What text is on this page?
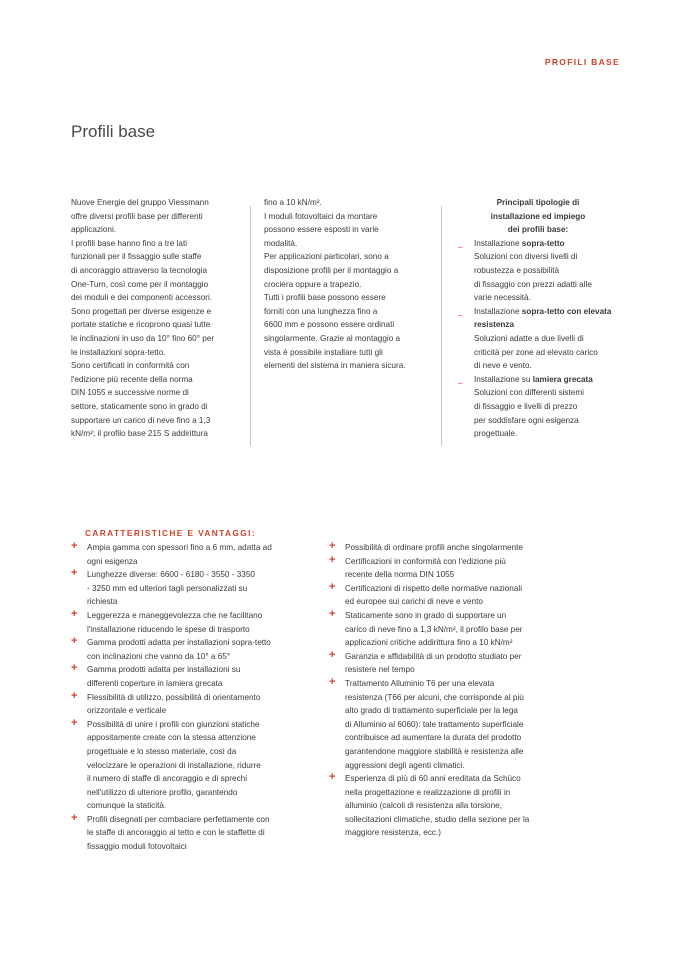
PROFILI BASE
Profili base

Nuove Energie del gruppo Viessmann
offre diversi profili base per differenti
applicazioni.
I profili base hanno fino a tre lati
funzionali per il fissaggio sulle staffe
di ancoraggio attraverso la tecnologia
One-Turn, così come per il montaggio
dei moduli e dei componenti accessori.
Sono progettati per diverse esigenze e
portate statiche e ricoprono quasi tutte
le inclinazioni in uso da 10° fino 60° per
le installazioni sopra-tetto.
Sono certificati in conformità con
l'edizione più recente della norma
DIN 1055 e successive norme di
settore, staticamente sono in grado di
supportare un carico di neve fino a 1,3
kN/m²; il profilo base 215 S addirittura

fino a 10 kN/m².
I moduli fotovoltaici da montare
possono essere esposti in varie
modalità.
Per applicazioni particolari, sono a
disposizione profili per il montaggio a
crociera oppure a trapezio.
Tutti i profili base possono essere
forniti con una lunghezza fino a
6600 mm e possono essere ordinati
singolarmente. Grazie al montaggio a
vista è possibile installare tutti gli
elementi del sistema in maniera sicura.

Principali tipologie di
installazione ed impiego
dei profili base:

_ Installazione sopra-tetto
Soluzioni con diversi livelli di
robustezza e possibilità
di fissaggio con prezzi adatti alle
varie necessità.
_ Installazione sopra-tetto con elevata resistenza
Soluzioni adatte a due livelli di
criticità per zone ad elevato carico
di neve e vento.
_ Installazione su lamiera grecata
Soluzioni con differenti sistemi
di fissaggio e livelli di prezzo
per soddisfare ogni esigenza
progettuale.
CARATTERISTICHE E VANTAGGI:
+ Ampia gamma con spessori fino a 6 mm, adatta ad
ogni esigenza
+ Lunghezze diverse: 6600 - 6180 - 3550 - 3350
- 3250 mm ed ulteriori tagli personalizzati su
richiesta
+ Leggerezza e maneggevolezza che ne facilitano
l'installazione riducendo le spese di trasporto
+ Gamma prodotti adatta per installazioni sopra-tetto
con inclinazioni che vanno da 10° a 65°
+ Gamma prodotti adatta per installazioni su
differenti coperture in lamiera grecata
+ Flessibilità di utilizzo, possibilità di orientamento
orizzontale e verticale
+ Possibilità di unire i profili con giunzioni statiche
appositamente create con la stessa attenzione
progettuale e lo stesso materiale, così da
velocizzare le operazioni di installazione, ridurre
il numero di staffe di ancoraggio e di sprechi
nell'utilizzo di ulteriore profilo, garantendo
comunque la staticità.
+ Profili disegnati per combaciare perfettamente con
le staffe di ancoraggio al tetto e con le staffette di
fissaggio moduli fotovoltaici
+ Possibilità di ordinare profili anche singolarmente
+ Certificazioni in conformità con l'edizione più
recente della norma DIN 1055
+ Certificazioni di rispetto delle normative nazionali
ed europee sui carichi di neve e vento
+ Staticamente sono in grado di supportare un
carico di neve fino a 1,3 kN/m², il profilo base per
applicazioni critiche addirittura fino a 10 kN/m²
+ Garanzia e affidabilità di un prodotto studiato per
resistere nel tempo
+ Trattamento Alluminio T6 per una elevata
resistenza (T66 per alcuni, che corrisponde al più
alto grado di trattamento superficiale per la lega
di Alluminio al 6060): tale trattamento superficiale
contribuisce ad aumentare la durata del prodotto
garantendone maggiore stabilità e resistenza alle
aggressioni degli agenti climatici.
+ Esperienza di più di 60 anni ereditata da Schüco
nella progettazione e realizzazione di profili in
alluminio (calcoli di resistenza alla torsione,
sollecitazioni climatiche, studio della sezione per la
maggiore resistenza, ecc.)
